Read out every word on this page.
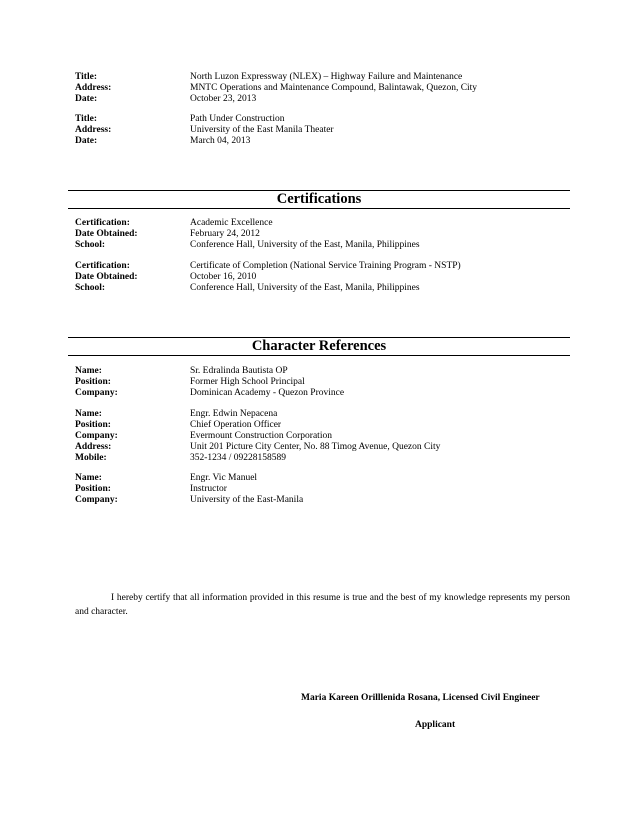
Title:	North Luzon Expressway (NLEX) – Highway Failure and Maintenance
Address:	MNTC Operations and Maintenance Compound, Balintawak, Quezon, City
Date:	October 23, 2013
Title:	Path Under Construction
Address:	University of the East Manila Theater
Date:	March 04, 2013
Certifications
Certification:	Academic Excellence
Date Obtained:	February 24, 2012
School:	Conference Hall, University of the East, Manila, Philippines
Certification:	Certificate of Completion (National Service Training Program - NSTP)
Date Obtained:	October 16, 2010
School:	Conference Hall, University of the East, Manila, Philippines
Character References
Name:	Sr. Edralinda Bautista OP
Position:	Former High School Principal
Company:	Dominican Academy - Quezon Province
Name:	Engr. Edwin Nepacena
Position:	Chief Operation Officer
Company:	Evermount Construction Corporation
Address:	Unit 201 Picture City Center, No. 88 Timog Avenue, Quezon City
Mobile:	352-1234 / 09228158589
Name:	Engr. Vic Manuel
Position:	Instructor
Company:	University of the East-Manila
I hereby certify that all information provided in this resume is true and the best of my knowledge represents my person and character.
Maria Kareen Orilllenida Rosana, Licensed Civil Engineer
Applicant
